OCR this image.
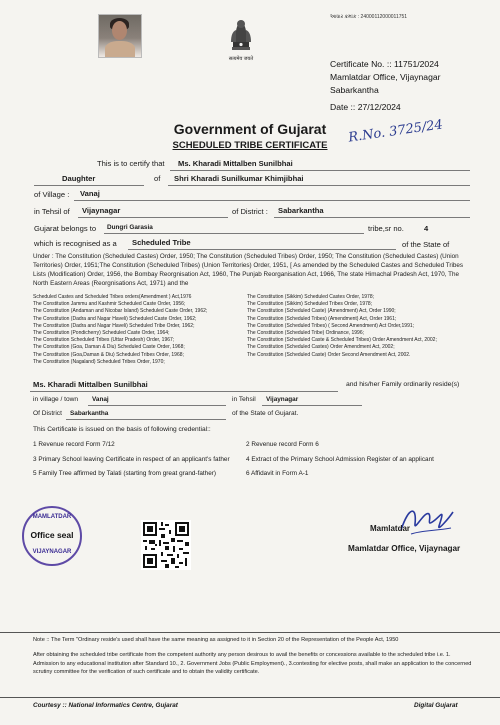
सत्यमेव जयते
આધાર ક્રમાંક : 24000112000011751
Certificate No. :: 11751/2024
Mamlatdar Office, Vijaynagar
Sabarkantha
Date :: 27/12/2024
Government of Gujarat
SCHEDULED TRIBE CERTIFICATE	R.No. 3725/24
This is to certify that Ms. Kharadi Mittalben Sunilbhai
Daughter	of Shri Kharadi Sunilkumar Khimjibhai
of Village : Vanaj
in Tehsil of Vijaynagar	of District : Sabarkantha
Gujarat belongs to Dungri Garasia	tribe,sr no.	4
which is recognised as a Scheduled Tribe	of the State of
Under : The Constitution (Scheduled Castes) Order, 1950; The Constitution (Scheduled Tribes) Order, 1950; The Constitution (Scheduled Castes) (Union Territories) Order, 1951;The Constitution (Scheduled Tribes) (Union Territories) Order, 1951, [ As amended by the Scheduled Castes and Scheduled Tribes Lists (Modification) Order, 1956, the Bombay Reorgnisation Act, 1960, The Punjab Reorganisation Act, 1966, The state Himachal Pradesh Act, 1970, The North Eastern Areas (Reorgnisations Act, 1971) and the
Scheduled Castes and Scheduled Tribes orders(Amendment ) Act,1976
The Constitution Jammu and Kashmir Scheduled Caste Order, 1956;
The Constitution (Andaman and Nicobar Island) Scheduled Caste Order, 1962;
The Constitution (Dadra and Nagar Haveli) Scheduled Caste Order, 1962;
The Constitution (Dadra and Nagar Haveli) Scheduled Tribe Order, 1962;
The Constitution (Pondicherry) Scheduled Caste Order, 1964;
The Constitution Scheduled Tribes (Uttar Pradesh) Order, 1967;
The Constitution (Goa, Daman & Diu) Scheduled Caste Order, 1968;
The Constitution (Goa,Daman & Diu) Scheduled Tribes Order, 1968;
The Constitution (Nagaland) Scheduled Tribes Order, 1970;
The Constitution (Sikkim) Scheduled Castes Order, 1978;
The Constitution (Sikkim) Scheduled Tribes Order, 1978;
The Constitution (Scheduled Caste) (Amendment) Act, Order 1990;
The Constitution (Scheduled Tribes) (Amendment) Act, Order 1961;
The Constitution (Scheduled Tribes) ( Second Amendment) Act Order,1991;
The Constitution (Scheduled Tribe) Ordinance, 1996;
The Constitution (Scheduled Caste & Scheduled Tribes) Order Amendment Act, 2002;
The Constitution (Scheduled Castes) Order Amendment Act, 2002;
The Constitution (Scheduled Caste) Order Second Amendment Act, 2002.
Ms. Kharadi Mittalben Sunilbhai	and his/her Family ordinarily reside(s)
in village / town Vanaj	in Tehsil Vijaynagar
Of District Sabarkantha	of the State of Gujarat.
This Certificate is issued on the basis of following credential::
1 Revenue record Form 7/12
3 Primary School leaving Certificate in respect of an applicant's father
5 Family Tree affirmed by Talati (starting from great grand-father)
2 Revenue record Form 6
4 Extract of the Primary School Admission Register of an applicant
6 Affidavit in Form A-1
MAMLATDAR
Office seal
VIJAYNAGAR
Mamlatdar
Mamlatdar Office, Vijaynagar
Note :: The Term "Ordinary reside's used shall have the same meaning as assigned to it in Section 20 of the Representation of the People Act, 1950
After obtaining the scheduled tribe certificate from the competent authority any person desirous to avail the benefits or concessions available to the scheduled tribe i.e. 1. Admission to any educational institution after Standard 10., 2. Government Jobs (Public Employment)., 3.contesting for elective posts, shall make an application to the concerned scrutiny committee for the verification of such certificate and to obtain the validity certificate.
Courtesy :: National Informatics Centre, Gujarat	Digital Gujarat
